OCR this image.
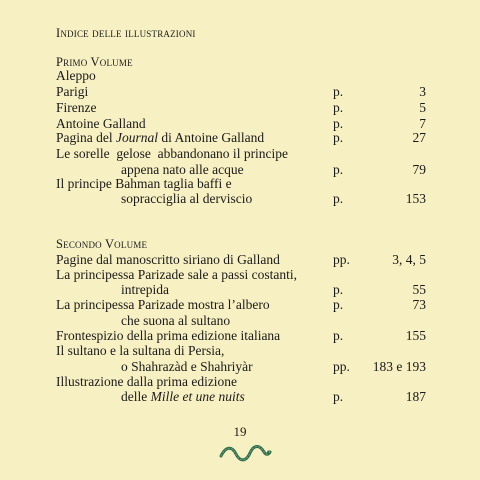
Indice delle illustrazioni
Primo Volume
Aleppo
Parigi	p.	3
Firenze	p.	5
Antoine Galland	p.	7
Pagina del Journal di Antoine Galland	p.	27
Le sorelle  gelose  abbandonano il principe
appena nato alle acque	p.	79
Il principe Bahman taglia baffi e
sopracciglia al derviscio	p.	153
Secondo Volume
Pagine dal manoscritto siriano di Galland	pp.	3, 4, 5
La principessa Parizade sale a passi costanti,
intrepida	p.	55
La principessa Parizade mostra l’albero	p.	73
che suona al sultano
Frontespizio della prima edizione italiana	p.	155
Il sultano e la sultana di Persia,
o Shahrazàd e Shahriyàr	pp. 183 e 193
Illustrazione dalla prima edizione
delle Mille et une nuits	p.	187
19
